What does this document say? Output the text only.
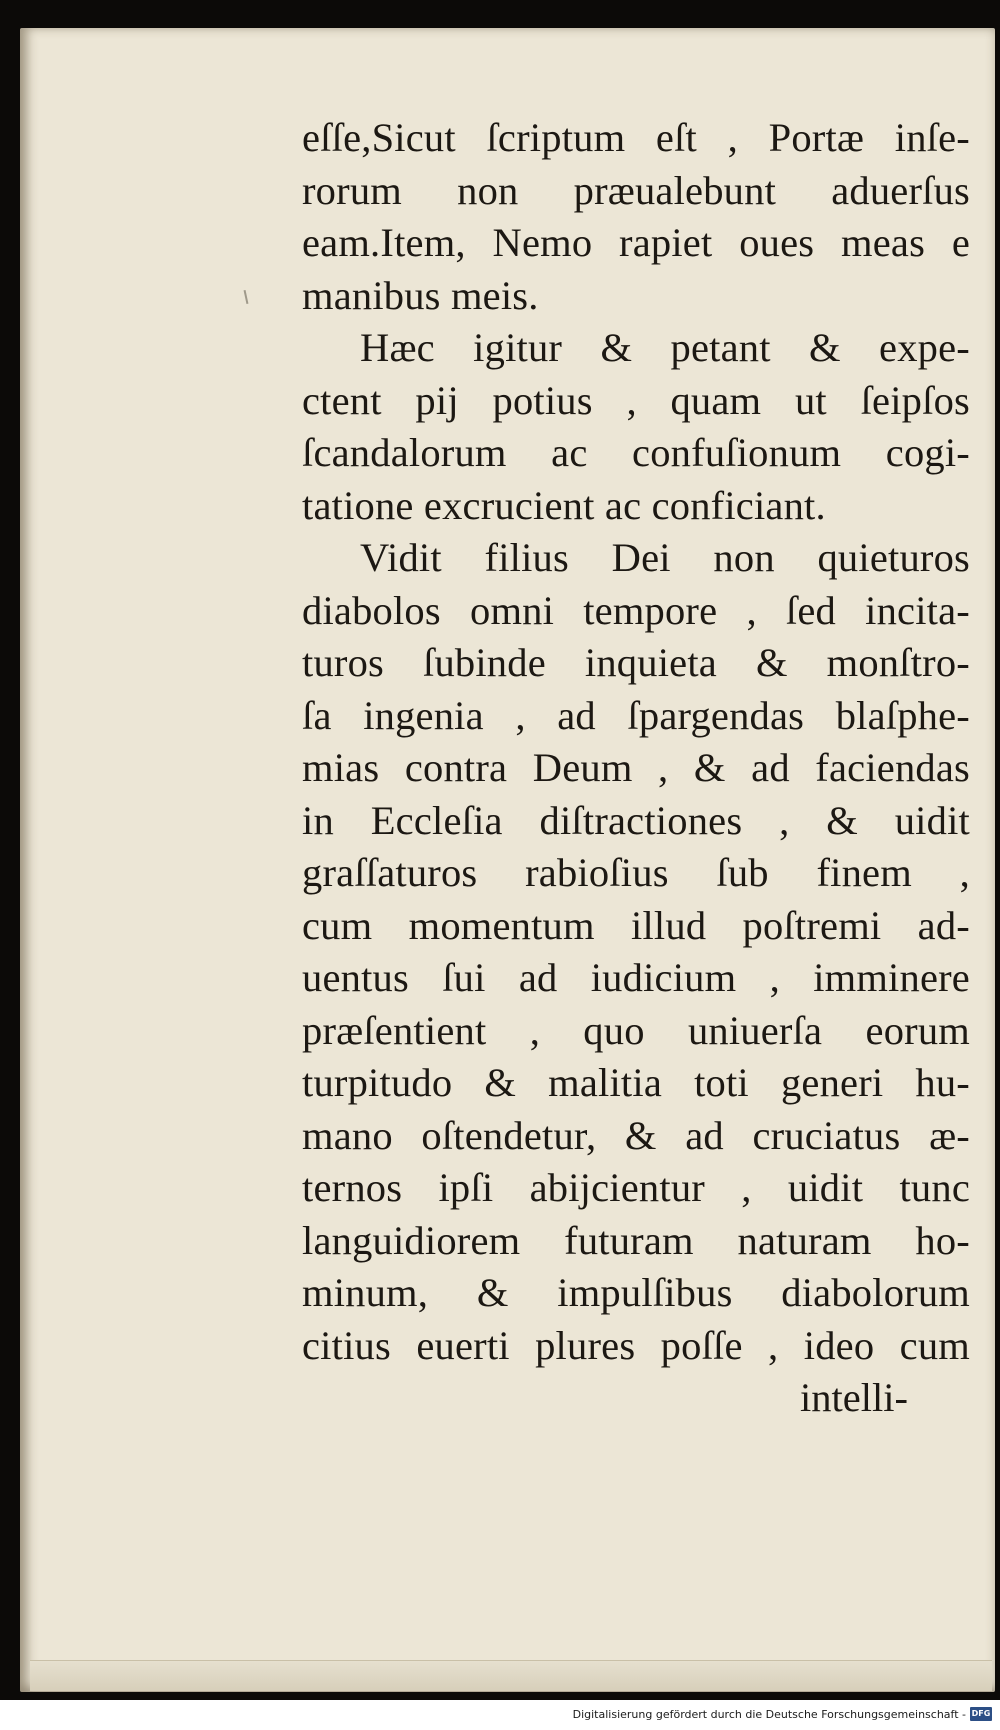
eſſe,Sicut ſcriptum eſt , Portæ inſe-
rorum non præualebunt aduerſus
eam.Item, Nemo rapiet oues meas e
manibus meis.
Hæc igitur & petant & expe-
ctent pij potius , quam ut ſeipſos
ſcandalorum ac confuſionum cogi-
tatione excrucient ac conficiant.
Vidit filius Dei non quieturos
diabolos omni tempore , ſed incita-
turos ſubinde inquieta & monſtro-
ſa ingenia , ad ſpargendas blaſphe-
mias contra Deum , & ad faciendas
in Eccleſia diſtractiones , & uidit
graſſaturos rabioſius ſub finem ,
cum momentum illud poſtremi ad-
uentus ſui ad iudicium , imminere
præſentient , quo uniuerſa eorum
turpitudo & malitia toti generi hu-
mano oſtendetur, & ad cruciatus æ-
ternos ipſi abijcientur , uidit tunc
languidiorem futuram naturam ho-
minum, & impulſibus diabolorum
citius euerti plures poſſe , ideo cum
intelli-
Digitalisierung gefördert durch die Deutsche Forschungsgemeinschaft - DFG
